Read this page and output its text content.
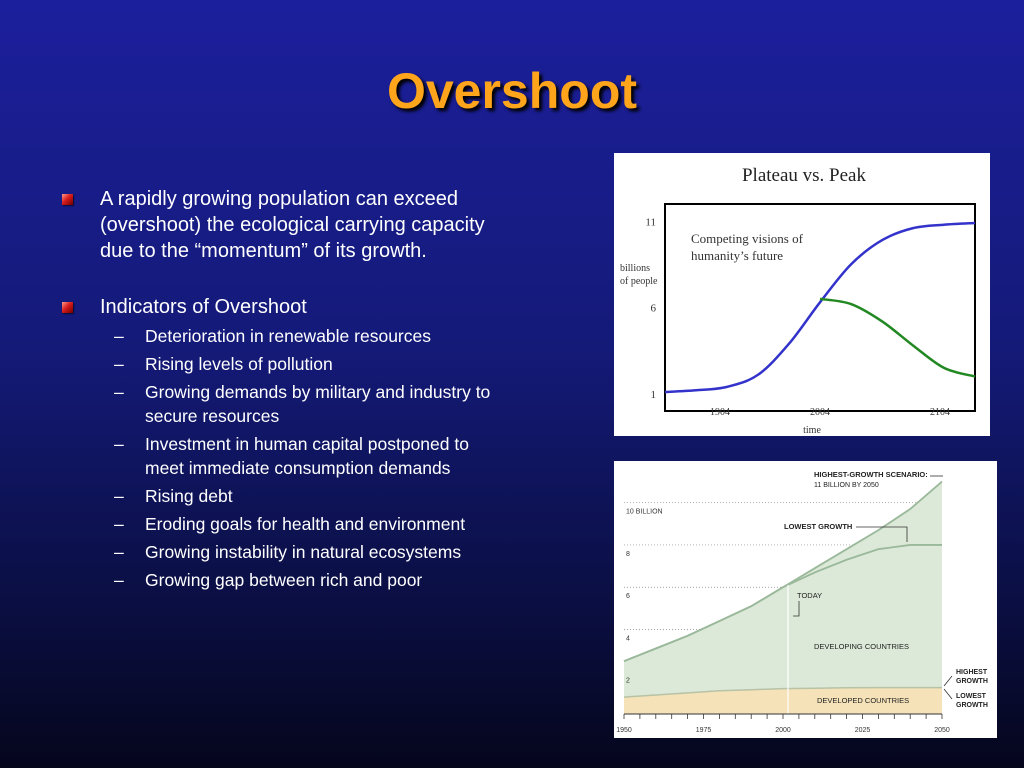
Overshoot
A rapidly growing population can exceed (overshoot) the ecological carrying capacity due to the “momentum” of its growth.
Indicators of Overshoot
– Deterioration in renewable resources
– Rising levels of pollution
– Growing demands by military and industry to secure resources
– Investment in human capital postponed to meet immediate consumption demands
– Rising debt
– Eroding goals for health and environment
– Growing instability in natural ecosystems
– Growing gap between rich and poor
Plateau vs. Peak
Competing visions of humanity’s future
billions of people
time
11
6
1
1904	2004	2104
10 BILLION
8
6
4
2
1950	1975	2000	2025	2050
HIGHEST-GROWTH SCENARIO:
11 BILLION BY 2050
LOWEST GROWTH
TODAY
DEVELOPING COUNTRIES
DEVELOPED COUNTRIES
HIGHEST
GROWTH
LOWEST
GROWTH
